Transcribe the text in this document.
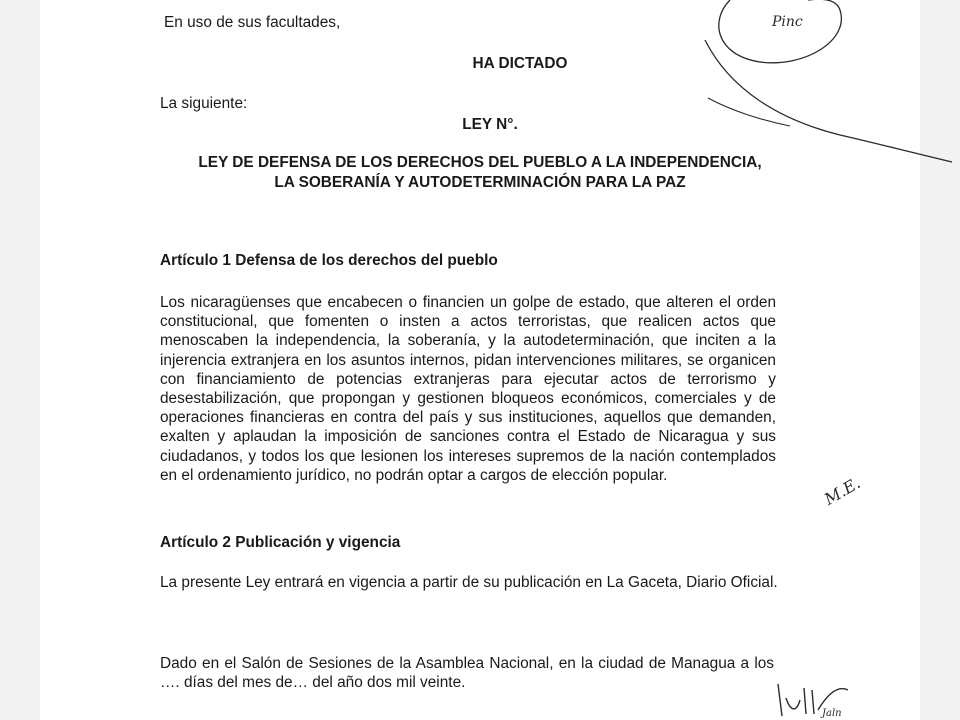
En uso de sus facultades,

HA DICTADO

La siguiente:

LEY N°.

LEY DE DEFENSA DE LOS DERECHOS DEL PUEBLO A LA INDEPENDENCIA,

LA SOBERANÍA Y AUTODETERMINACIÓN PARA LA PAZ

Artículo 1 Defensa de los derechos del pueblo

Los nicaragüenses que encabecen o financien un golpe de estado, que alteren el orden constitucional, que fomenten o insten a actos terroristas, que realicen actos que menoscaben la independencia, la soberanía, y la autodeterminación, que inciten a la injerencia extranjera en los asuntos internos, pidan intervenciones militares, se organicen con financiamiento de potencias extranjeras para ejecutar actos de terrorismo y desestabilización, que propongan y gestionen bloqueos económicos, comerciales y de operaciones financieras en contra del país y sus instituciones, aquellos que demanden, exalten y aplaudan la imposición de sanciones contra el Estado de Nicaragua y sus ciudadanos, y todos los que lesionen los intereses supremos de la nación contemplados en el ordenamiento jurídico, no podrán optar a cargos de elección popular.

Artículo 2 Publicación y vigencia

La presente Ley entrará en vigencia a partir de su publicación en La Gaceta, Diario Oficial.

Dado en el Salón de Sesiones de la Asamblea Nacional, en la ciudad de Managua a los …. días del mes de… del año dos mil veinte.

Pinc
M.E.
Jaln
